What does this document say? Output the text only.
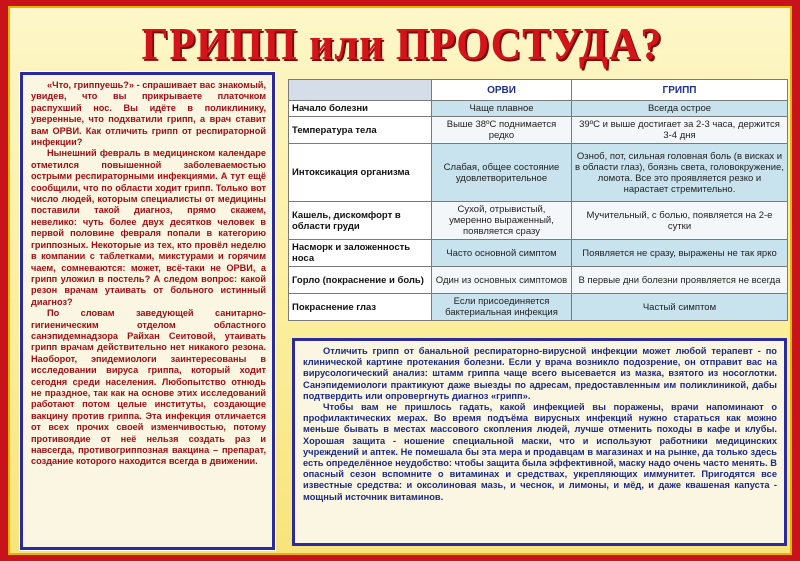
ГРИПП или ПРОСТУДА?

«Что, гриппуешь?» - спрашивает вас знакомый, увидев, что вы прикрываете платочком распухший нос. Вы идёте в поликлинику, уверенные, что подхватили грипп, а врач ставит вам ОРВИ. Как отличить грипп от респираторной инфекции?

Нынешний февраль в медицинском календаре отметился повышенной заболеваемостью острыми респираторными инфекциями. А тут ещё сообщили, что по области ходит грипп. Только вот число людей, которым специалисты от медицины поставили такой диагноз, прямо скажем, невелико: чуть более двух десятков человек в первой половине февраля попали в категорию гриппозных. Некоторые из тех, кто провёл неделю в компании с таблетками, микстурами и горячим чаем, сомневаются: может, всё-таки не ОРВИ, а грипп уложил в постель? А следом вопрос: какой резон врачам утаивать от больного истинный диагноз?

По словам заведующей санитарно-гигиеническим отделом областного санэпидемнадзора Райхан Сеитовой, утаивать грипп врачам действительно нет никакого резона. Наоборот, эпидемиологи заинтересованы в исследовании вируса гриппа, который ходит сегодня среди населения. Любопытство отнюдь не праздное, так как на основе этих исследований работают потом целые институты, создающие вакцину против гриппа. Эта инфекция отличается от всех прочих своей изменчивостью, потому противоядие от неё нельзя создать раз и навсегда, противогриппозная вакцина – препарат, создание которого находится всегда в движении.

	ОРВИ	ГРИПП
Начало болезни	Чаще плавное	Всегда острое
Температура тела	Выше 38ºС поднимается редко	39ºС и выше достигает за 2-3 часа, держится 3-4 дня
Интоксикация организма	Слабая, общее состояние удовлетворительное	Озноб, пот, сильная головная боль (в висках и в области глаз), боязнь света, головокружение, ломота. Все это проявляется резко и нарастает стремительно.
Кашель, дискомфорт в области груди	Сухой, отрывистый, умеренно выраженный, появляется сразу	Мучительный, с болью, появляется на 2-е сутки
Насморк и заложенность носа	Часто основной симптом	Появляется не сразу, выражены не так ярко
Горло (покраснение и боль)	Один из основных симптомов	В первые дни болезни проявляется не всегда
Покраснение глаз	Если присоединяется бактериальная инфекция	Частый симптом

Отличить грипп от банальной респираторно-вирусной инфекции может любой терапевт - по клинической картине протекания болезни. Если у врача возникло подозрение, он отправит вас на вирусологический анализ: штамм гриппа чаще всего высевается из мазка, взятого из носоглотки. Санэпидемиологи практикуют даже выезды по адресам, предоставленным им поликлиникой, дабы подтвердить или опровергнуть диагноз «грипп».

Чтобы вам не пришлось гадать, какой инфекцией вы поражены, врачи напоминают о профилактических мерах. Во время подъёма вирусных инфекций нужно стараться как можно меньше бывать в местах массового скопления людей, лучше отменить походы в кафе и клубы. Хорошая защита - ношение специальной маски, что и используют работники медицинских учреждений и аптек. Не помешала бы эта мера и продавцам в магазинах и на рынке, да только здесь есть определённое неудобство: чтобы защита была эффективной, маску надо очень часто менять. В опасный сезон вспомните о витаминах и средствах, укрепляющих иммунитет. Пригодятся все известные средства: и оксолиновая мазь, и чеснок, и лимоны, и мёд, и даже квашеная капуста - мощный источник витаминов.
